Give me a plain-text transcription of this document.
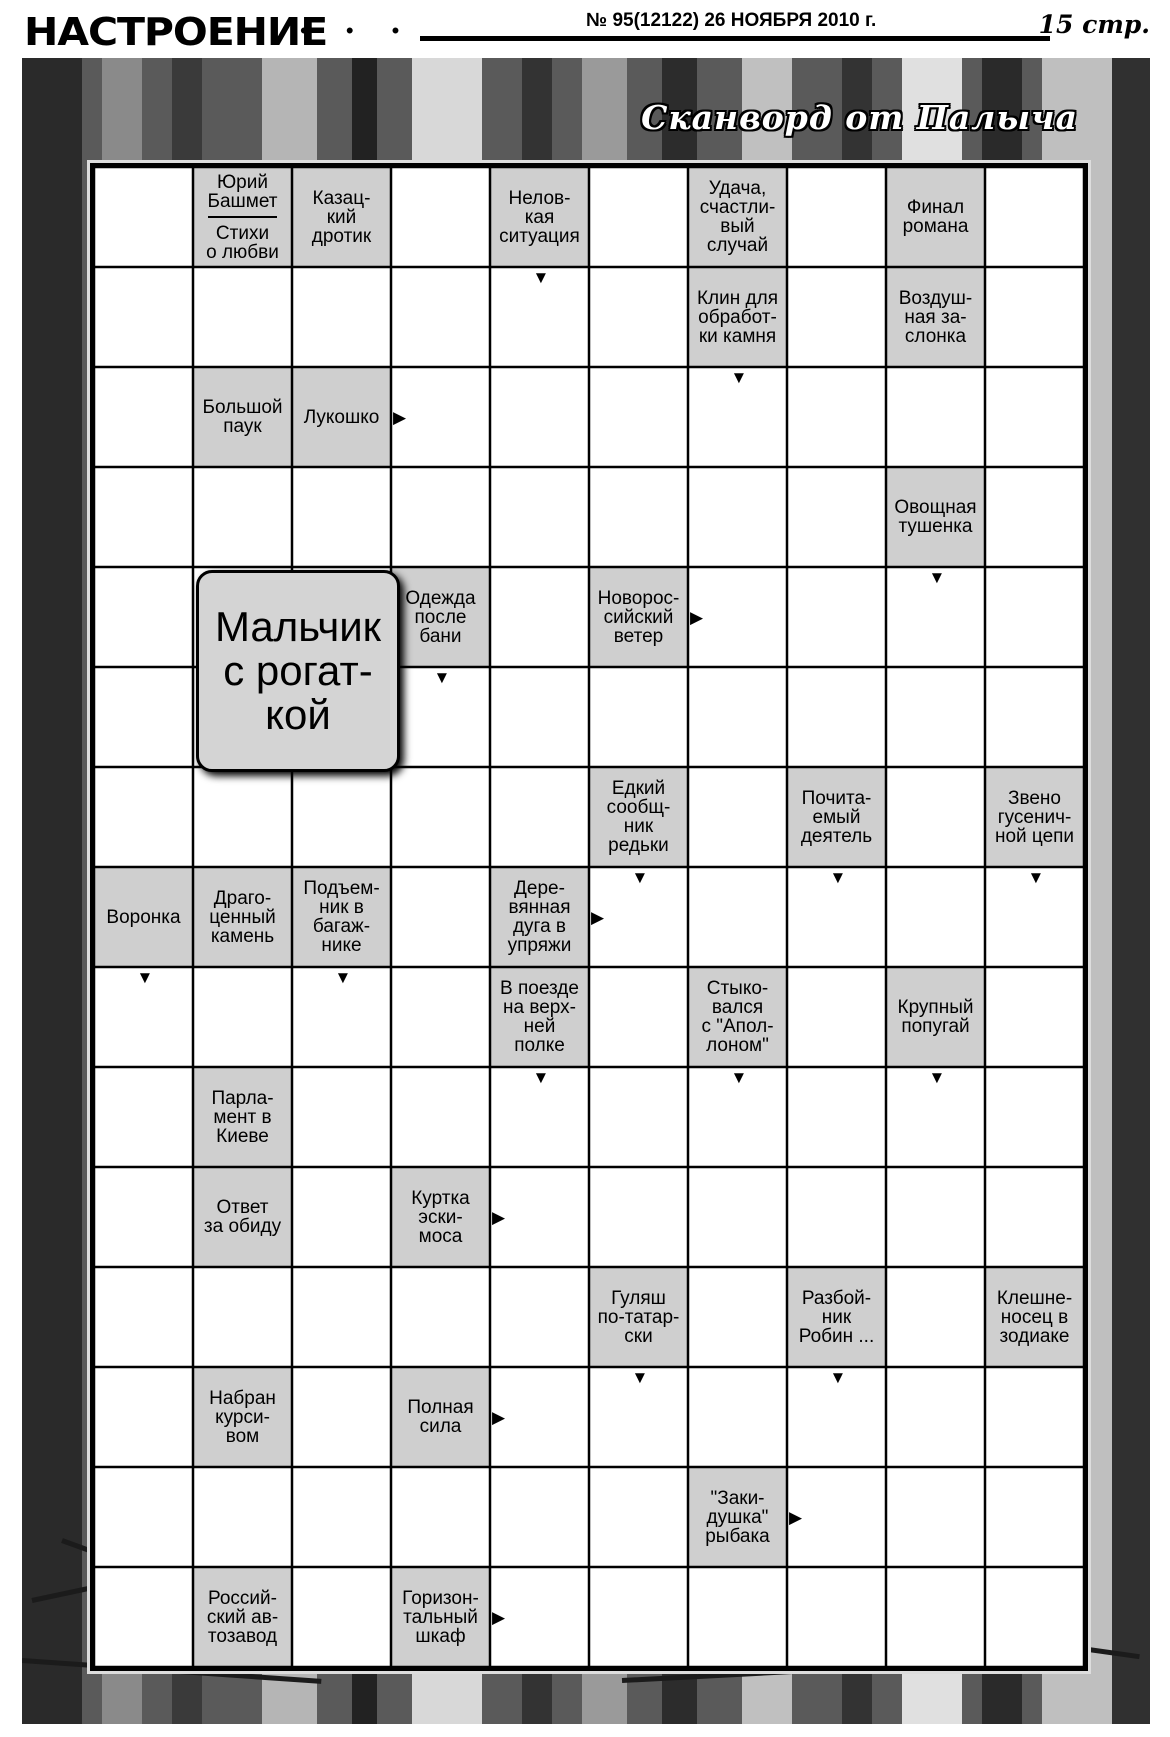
НАСТРОЕНИЕ
• • •	№ 95(12122) 26 НОЯБРЯ 2010 г.	15 стр.
Сканворд от Палыча
Юрий
Башмет
Стихи
о любви
Казац-
кий
дротик
Нелов-
кая
ситуация
Удача,
счастли-
вый
случай
Финал
романа
Клин для
обработ-
ки камня
Воздуш-
ная за-
слонка
Большой
паук	Лукошко
Овощная
тушенка
Одежда
после
бани
Новорос-
сийский
ветер
Едкий
сообщ-
ник
редьки
Почита-
емый
деятель
Звено
гусенич-
ной цепи
Воронка
Драго-
ценный
камень
Подъем-
ник в
багаж-
нике
Дере-
вянная
дуга в
упряжи
В поезде
на верх-
ней
полке
Стыко-
вался
с "Апол-
лоном"
Крупный
попугай
Парла-
мент в
Киеве
Ответ
за обиду
Куртка
эски-
моса
Гуляш
по-татар-
ски
Разбой-
ник
Робин ...
Клешне-
носец в
зодиаке
Набран
курси-
вом
Полная
сила
"Заки-
душка"
рыбака
Россий-
ский ав-
тозавод
Горизон-
тальный
шкаф
▼
▼
▶
▼
▼
▶
▼	▼	▼
▼	▼
▶
▼	▼	▼
▶
▼	▼
▶
▶
▶
Мальчик
с рогат-
кой
